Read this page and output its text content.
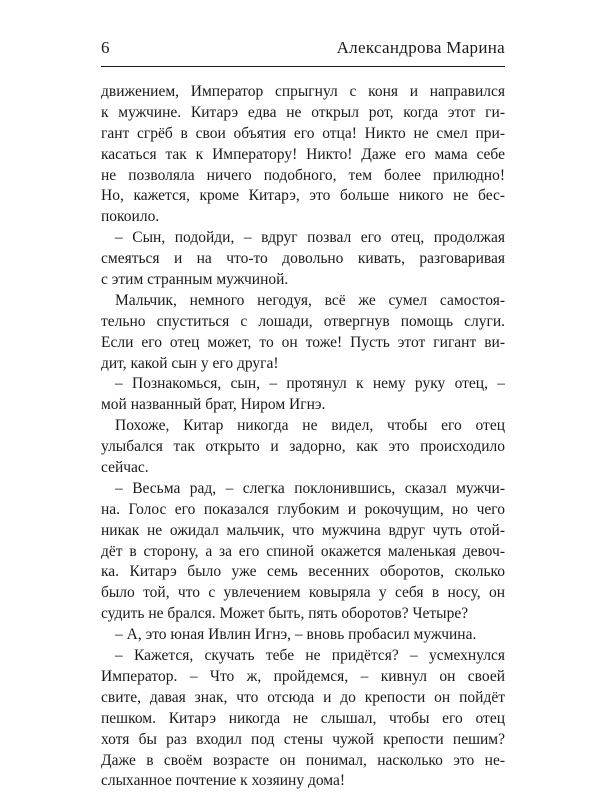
6	Александрова Марина
движением, Император спрыгнул с коня и направился
к мужчине. Китарэ едва не открыл рот, когда этот ги-
гант сгрёб в свои объятия его отца! Никто не смел при-
касаться так к Императору! Никто! Даже его мама себе
не позволяла ничего подобного, тем более прилюдно!
Но, кажется, кроме Китарэ, это больше никого не бес-
покоило.
– Сын, подойди, – вдруг позвал его отец, продолжая
смеяться и на что-то довольно кивать, разговаривая
с этим странным мужчиной.
Мальчик, немного негодуя, всё же сумел самостоя-
тельно спуститься с лошади, отвергнув помощь слуги.
Если его отец может, то он тоже! Пусть этот гигант ви-
дит, какой сын у его друга!
– Познакомься, сын, – протянул к нему руку отец, –
мой названный брат, Ниром Игнэ.
Похоже, Китар никогда не видел, чтобы его отец
улыбался так открыто и задорно, как это происходило
сейчас.
– Весьма рад, – слегка поклонившись, сказал мужчи-
на. Голос его показался глубоким и рокочущим, но чего
никак не ожидал мальчик, что мужчина вдруг чуть отой-
дёт в сторону, а за его спиной окажется маленькая девоч-
ка. Китарэ было уже семь весенних оборотов, сколько
было той, что с увлечением ковыряла у себя в носу, он
судить не брался. Может быть, пять оборотов? Четыре?
– А, это юная Ивлин Игнэ, – вновь пробасил мужчина.
– Кажется, скучать тебе не придётся? – усмехнулся
Император. – Что ж, пройдемся, – кивнул он своей
свите, давая знак, что отсюда и до крепости он пойдёт
пешком. Китарэ никогда не слышал, чтобы его отец
хотя бы раз входил под стены чужой крепости пешим?
Даже в своём возрасте он понимал, насколько это не-
слыханное почтение к хозяину дома!
